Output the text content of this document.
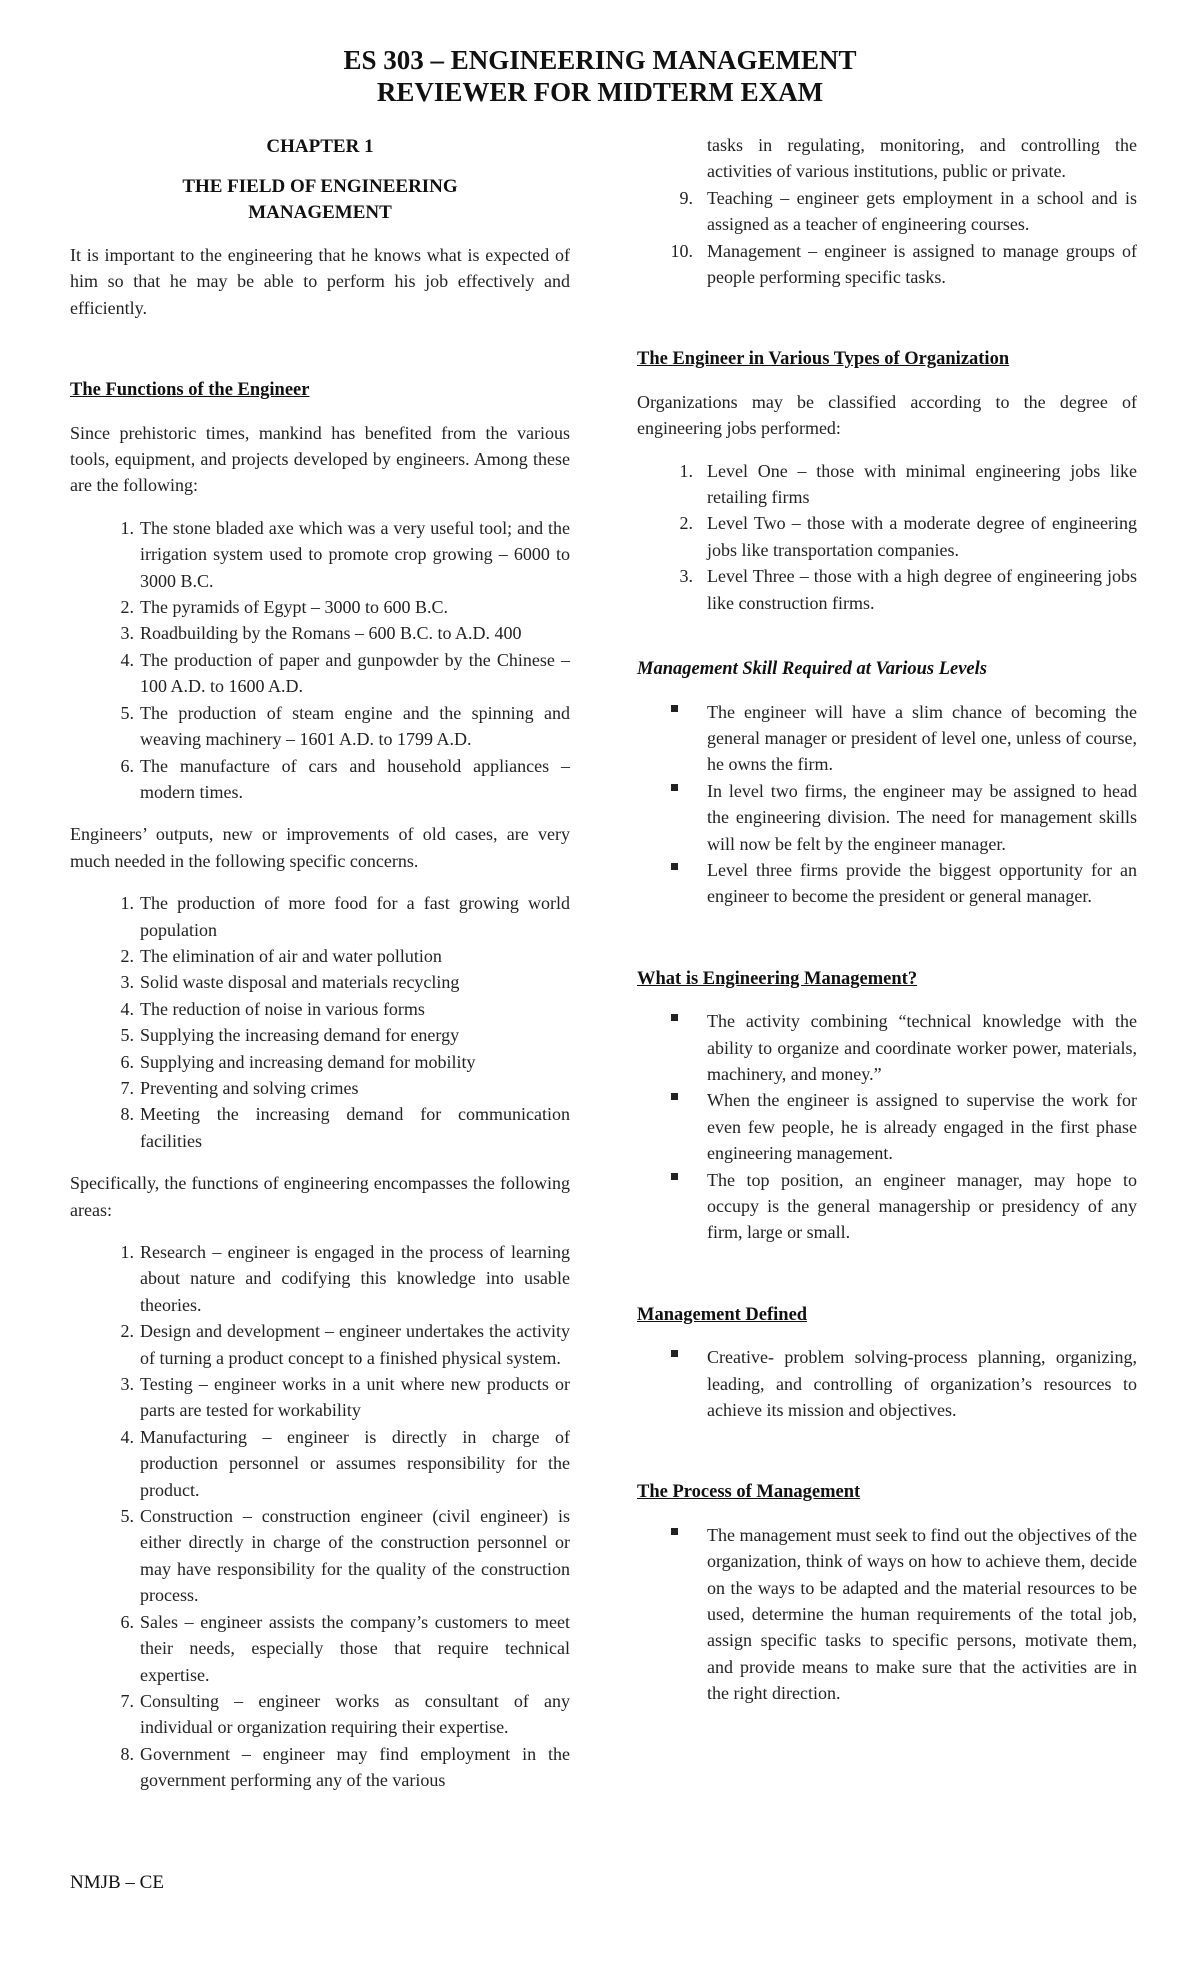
ES 303 – ENGINEERING MANAGEMENT
REVIEWER FOR MIDTERM EXAM
CHAPTER 1
THE FIELD OF ENGINEERING
MANAGEMENT

It is important to the engineering that he knows what is expected of him so that he may be able to perform his job effectively and efficiently.

The Functions of the Engineer

Since prehistoric times, mankind has benefited from the various tools, equipment, and projects developed by engineers. Among these are the following:

1. The stone bladed axe which was a very useful tool; and the irrigation system used to promote crop growing – 6000 to 3000 B.C.
2. The pyramids of Egypt – 3000 to 600 B.C.
3. Roadbuilding by the Romans – 600 B.C. to A.D. 400
4. The production of paper and gunpowder by the Chinese – 100 A.D. to 1600 A.D.
5. The production of steam engine and the spinning and weaving machinery – 1601 A.D. to 1799 A.D.
6. The manufacture of cars and household appliances – modern times.

Engineers’ outputs, new or improvements of old cases, are very much needed in the following specific concerns.

1. The production of more food for a fast growing world population
2. The elimination of air and water pollution
3. Solid waste disposal and materials recycling
4. The reduction of noise in various forms
5. Supplying the increasing demand for energy
6. Supplying and increasing demand for mobility
7. Preventing and solving crimes
8. Meeting the increasing demand for communication facilities

Specifically, the functions of engineering encompasses the following areas:

1. Research – engineer is engaged in the process of learning about nature and codifying this knowledge into usable theories.
2. Design and development – engineer undertakes the activity of turning a product concept to a finished physical system.
3. Testing – engineer works in a unit where new products or parts are tested for workability
4. Manufacturing – engineer is directly in charge of production personnel or assumes responsibility for the product.
5. Construction – construction engineer (civil engineer) is either directly in charge of the construction personnel or may have responsibility for the quality of the construction process.
6. Sales – engineer assists the company’s customers to meet their needs, especially those that require technical expertise.
7. Consulting – engineer works as consultant of any individual or organization requiring their expertise.
8. Government – engineer may find employment in the government performing any of the various
tasks in regulating, monitoring, and controlling the activities of various institutions, public or private.
9. Teaching – engineer gets employment in a school and is assigned as a teacher of engineering courses.
10. Management – engineer is assigned to manage groups of people performing specific tasks.
The Engineer in Various Types of Organization

Organizations may be classified according to the degree of engineering jobs performed:

1. Level One – those with minimal engineering jobs like retailing firms
2. Level Two – those with a moderate degree of engineering jobs like transportation companies.
3. Level Three – those with a high degree of engineering jobs like construction firms.
Management Skill Required at Various Levels
The engineer will have a slim chance of becoming the general manager or president of level one, unless of course, he owns the firm.
In level two firms, the engineer may be assigned to head the engineering division. The need for management skills will now be felt by the engineer manager.
Level three firms provide the biggest opportunity for an engineer to become the president or general manager.
What is Engineering Management?
The activity combining “technical knowledge with the ability to organize and coordinate worker power, materials, machinery, and money.”
When the engineer is assigned to supervise the work for even few people, he is already engaged in the first phase engineering management.
The top position, an engineer manager, may hope to occupy is the general managership or presidency of any firm, large or small.
Management Defined
Creative- problem solving-process planning, organizing, leading, and controlling of organization’s resources to achieve its mission and objectives.
The Process of Management
The management must seek to find out the objectives of the organization, think of ways on how to achieve them, decide on the ways to be adapted and the material resources to be used, determine the human requirements of the total job, assign specific tasks to specific persons, motivate them, and provide means to make sure that the activities are in the right direction.
NMJB – CE
